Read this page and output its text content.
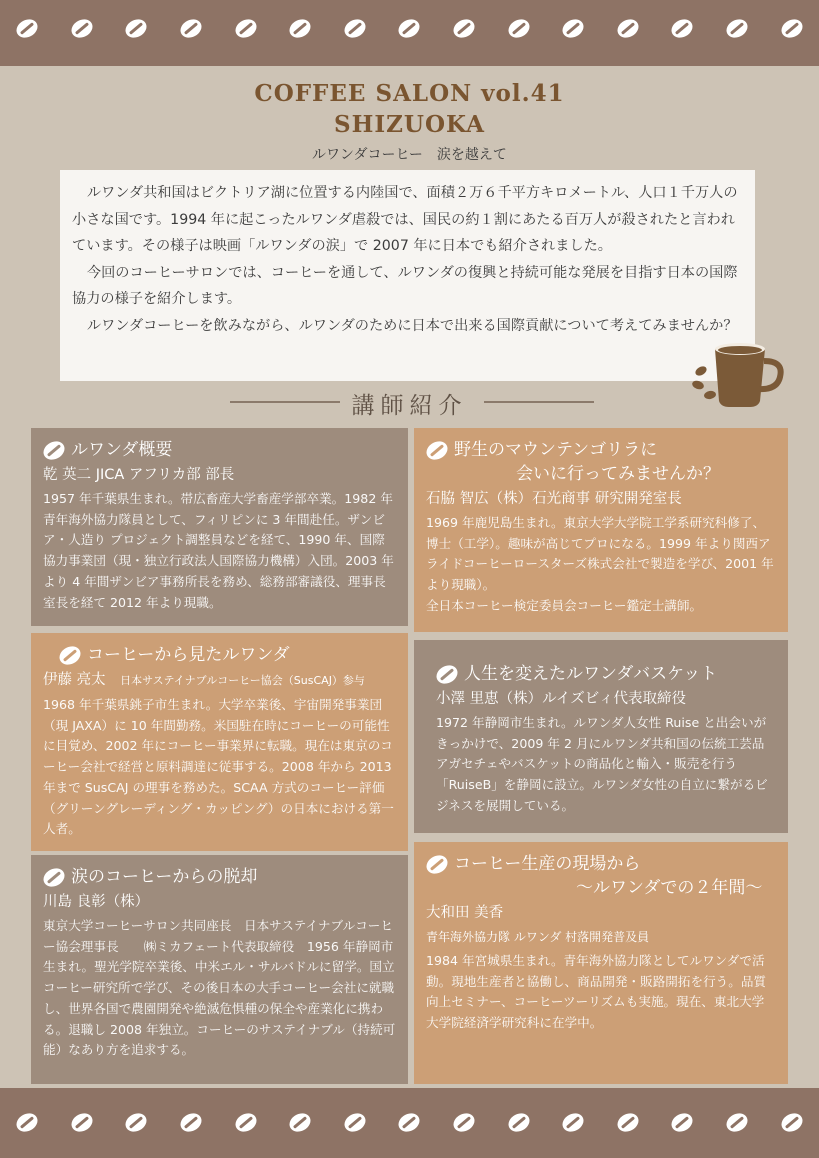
COFFEE SALON vol.41
SHIZUOKA
ルワンダコーヒー　涙を越えて

ルワンダ共和国はビクトリア湖に位置する内陸国で、面積２万６千平方キロメートル、人口１千万人の小さな国です。1994 年に起こったルワンダ虐殺では、国民の約１割にあたる百万人が殺されたと言われています。その様子は映画「ルワンダの涙」で 2007 年に日本でも紹介されました。

今回のコーヒーサロンでは、コーヒーを通して、ルワンダの復興と持続可能な発展を目指す日本の国際協力の様子を紹介します。

ルワンダコーヒーを飲みながら、ルワンダのために日本で出来る国際貢献について考えてみませんか？

講師紹介
ルワンダ概要
乾 英二 JICA アフリカ部 部長
1957 年千葉県生まれ。帯広畜産大学畜産学部卒業。1982 年青年海外協力隊員として、フィリピンに 3 年間赴任。ザンビア・人造り プロジェクト調整員などを経て、1990 年、国際協力事業団（現・独立行政法人国際協力機構）入団。2003 年より 4 年間ザンビア事務所長を務め、総務部審議役、理事長室長を経て 2012 年より現職。
野生のマウンテンゴリラに
会いに行ってみませんか？
石脇 智広（株）石光商事 研究開発室長
1969 年鹿児島生まれ。東京大学大学院工学系研究科修了、博士（工学）。趣味が高じてプロになる。1999 年より関西アライドコーヒーロースターズ株式会社で製造を学び、2001 年より現職）。
全日本コーヒー検定委員会コーヒー鑑定士講師。
コーヒーから見たルワンダ
伊藤 亮太　 日本サステイナブルコーヒー協会（SusCAJ）参与
1968 年千葉県銚子市生まれ。大学卒業後、宇宙開発事業団（現 JAXA）に 10 年間勤務。米国駐在時にコーヒーの可能性に目覚め、2002 年にコーヒー事業界に転職。現在は東京のコーヒー会社で経営と原料調達に従事する。2008 年から 2013 年まで SusCAJ の理事を務めた。SCAA 方式のコーヒー評価（グリーングレーディング・カッピング）の日本における第一人者。
人生を変えたルワンダバスケット
小澤 里恵（株）ルイズビィ代表取締役
1972 年静岡市生まれ。ルワンダ人女性 Ruise と出会いがきっかけで、2009 年 2 月にルワンダ共和国の伝統工芸品アガセチェやバスケットの商品化と輸入・販売を行う「RuiseB」を静岡に設立。ルワンダ女性の自立に繋がるビジネスを展開している。
涙のコーヒーからの脱却
川島 良彰（株）
東京大学コーヒーサロン共同座長　日本サステイナブルコーヒー協会理事長　　㈱ミカフェート代表取締役　1956 年静岡市生まれ。聖光学院卒業後、中米エル・サルバドルに留学。国立コーヒー研究所で学び、その後日本の大手コーヒー会社に就職し、世界各国で農園開発や絶滅危惧種の保全や産業化に携わる。退職し 2008 年独立。コーヒーのサステイナブル（持続可能）なあり方を追求する。
コーヒー生産の現場から
～ルワンダでの２年間～
大和田 美香
青年海外協力隊 ルワンダ 村落開発普及員
1984 年宮城県生まれ。青年海外協力隊としてルワンダで活動。現地生産者と協働し、商品開発・販路開拓を行う。品質向上セミナー、コーヒーツーリズムも実施。現在、東北大学大学院経済学研究科に在学中。
